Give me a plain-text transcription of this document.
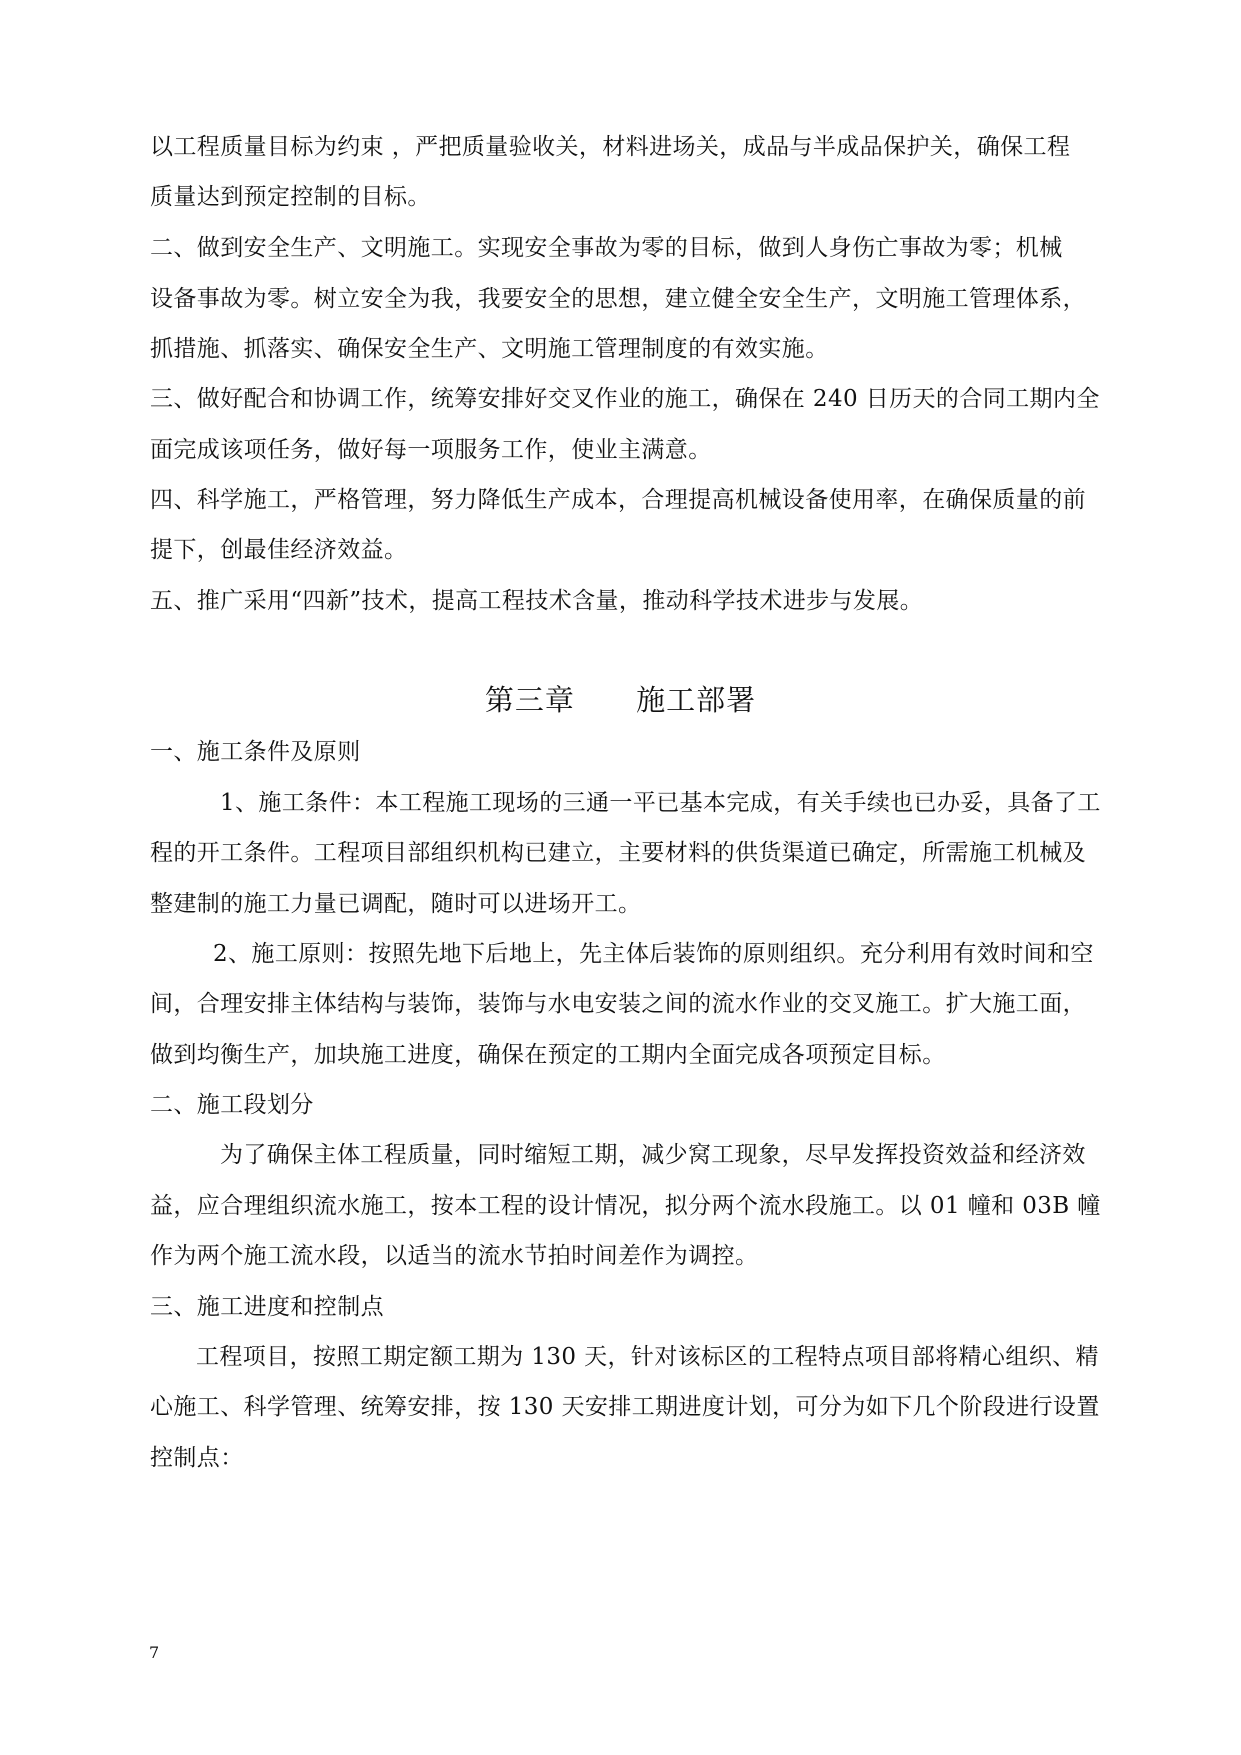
以工程质量目标为约束 ，严把质量验收关，材料进场关，成品与半成品保护关，确保工程
质量达到预定控制的目标。
二、做到安全生产、文明施工。实现安全事故为零的目标，做到人身伤亡事故为零；机械
设备事故为零。树立安全为我，我要安全的思想，建立健全安全生产，文明施工管理体系，
抓措施、抓落实、确保安全生产、文明施工管理制度的有效实施。
三、做好配合和协调工作，统筹安排好交叉作业的施工，确保在 240 日历天的合同工期内全
面完成该项任务，做好每一项服务工作，使业主满意。
四、科学施工，严格管理，努力降低生产成本，合理提高机械设备使用率，在确保质量的前
提下，创最佳经济效益。
五、推广采用“四新”技术，提高工程技术含量，推动科学技术进步与发展。
第三章      施工部署
一、施工条件及原则
1、施工条件：本工程施工现场的三通一平已基本完成，有关手续也已办妥，具备了工
程的开工条件。工程项目部组织机构已建立，主要材料的供货渠道已确定，所需施工机械及
整建制的施工力量已调配，随时可以进场开工。
2、施工原则：按照先地下后地上，先主体后装饰的原则组织。充分利用有效时间和空
间，合理安排主体结构与装饰，装饰与水电安装之间的流水作业的交叉施工。扩大施工面，
做到均衡生产，加块施工进度，确保在预定的工期内全面完成各项预定目标。
二、施工段划分
为了确保主体工程质量，同时缩短工期，减少窝工现象，尽早发挥投资效益和经济效
益，应合理组织流水施工，按本工程的设计情况，拟分两个流水段施工。以 01 幢和 03B 幢
作为两个施工流水段，以适当的流水节拍时间差作为调控。
三、施工进度和控制点
工程项目，按照工期定额工期为 130 天，针对该标区的工程特点项目部将精心组织、精
心施工、科学管理、统筹安排，按 130 天安排工期进度计划，可分为如下几个阶段进行设置
控制点：
7
